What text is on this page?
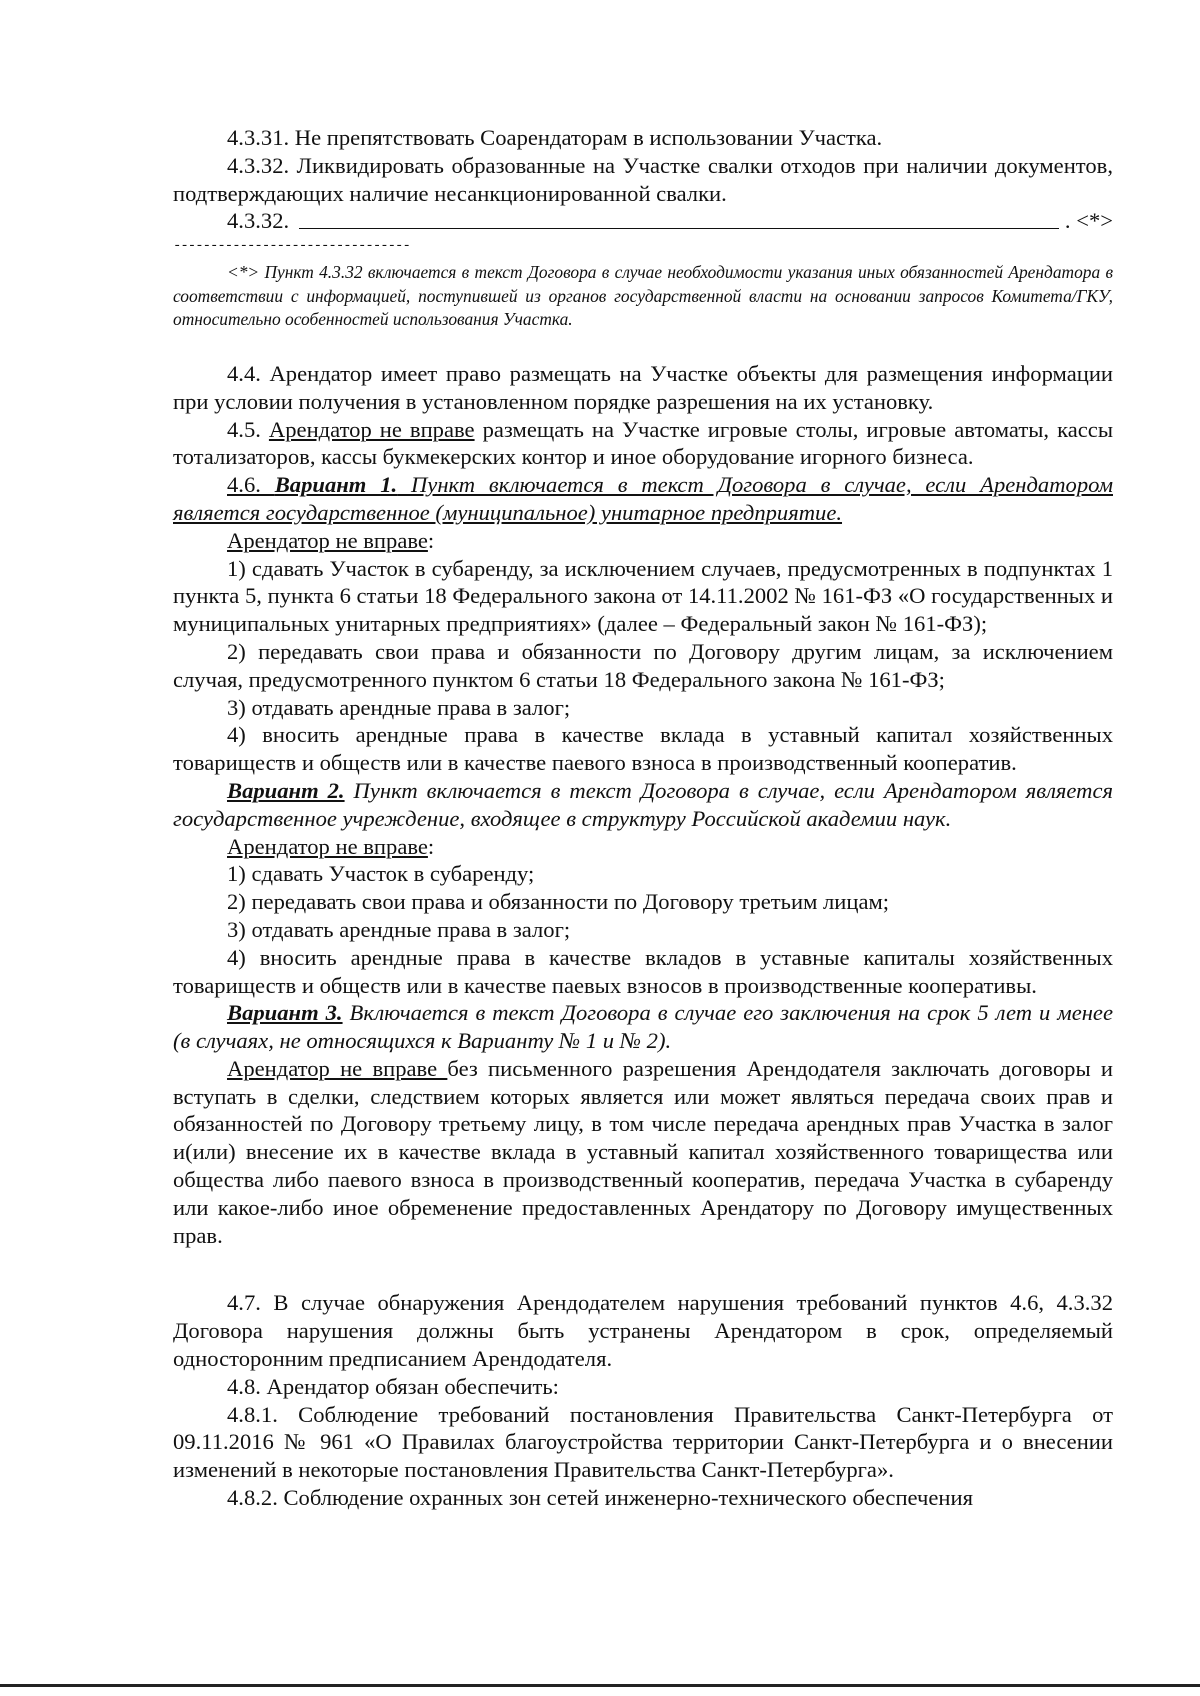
4.3.31. Не препятствовать Соарендаторам в использовании Участка.

4.3.32. Ликвидировать образованные на Участке свалки отходов при наличии документов, подтверждающих наличие несанкционированной свалки.

4.3.32.	. <*>
--------------------------------

<*> Пункт 4.3.32 включается в текст Договора в случае необходимости указания иных обязанностей Арендатора в соответствии с информацией, поступившей из органов государственной власти на основании запросов Комитета/ГКУ, относительно особенностей использования Участка.

4.4. Арендатор имеет право размещать на Участке объекты для размещения информации при условии получения в установленном порядке разрешения на их установку.

4.5. Арендатор не вправе размещать на Участке игровые столы, игровые автоматы, кассы тотализаторов, кассы букмекерских контор и иное оборудование игорного бизнеса.

4.6. Вариант 1. Пункт включается в текст Договора в случае, если Арендатором является государственное (муниципальное) унитарное предприятие.

Арендатор не вправе:

1) сдавать Участок в субаренду, за исключением случаев, предусмотренных в подпунктах 1 пункта 5, пункта 6 статьи 18 Федерального закона от 14.11.2002 № 161-ФЗ «О государственных и муниципальных унитарных предприятиях» (далее – Федеральный закон № 161-ФЗ);

2) передавать свои права и обязанности по Договору другим лицам, за исключением случая, предусмотренного пунктом 6 статьи 18 Федерального закона № 161-ФЗ;

3) отдавать арендные права в залог;

4) вносить арендные права в качестве вклада в уставный капитал хозяйственных товариществ и обществ или в качестве паевого взноса в производственный кооператив.

Вариант 2. Пункт включается в текст Договора в случае, если Арендатором является государственное учреждение, входящее в структуру Российской академии наук.

Арендатор не вправе:

1) сдавать Участок в субаренду;

2) передавать свои права и обязанности по Договору третьим лицам;

3) отдавать арендные права в залог;

4) вносить арендные права в качестве вкладов в уставные капиталы хозяйственных товариществ и обществ или в качестве паевых взносов в производственные кооперативы.

Вариант 3. Включается в текст Договора в случае его заключения на срок 5 лет и менее (в случаях, не относящихся к Варианту № 1 и № 2).

Арендатор не вправе без письменного разрешения Арендодателя заключать договоры и вступать в сделки, следствием которых является или может являться передача своих прав и обязанностей по Договору третьему лицу, в том числе передача арендных прав Участка в залог и(или) внесение их в качестве вклада в уставный капитал хозяйственного товарищества или общества либо паевого взноса в производственный кооператив, передача Участка в субаренду или какое-либо иное обременение предоставленных Арендатору по Договору имущественных прав.

4.7. В случае обнаружения Арендодателем нарушения требований пунктов 4.6, 4.3.32 Договора нарушения должны быть устранены Арендатором в срок, определяемый односторонним предписанием Арендодателя.

4.8. Арендатор обязан обеспечить:

4.8.1. Соблюдение требований постановления Правительства Санкт-Петербурга от 09.11.2016 № 961 «О Правилах благоустройства территории Санкт-Петербурга и о внесении изменений в некоторые постановления Правительства Санкт-Петербурга».

4.8.2. Соблюдение охранных зон сетей инженерно-технического обеспечения
